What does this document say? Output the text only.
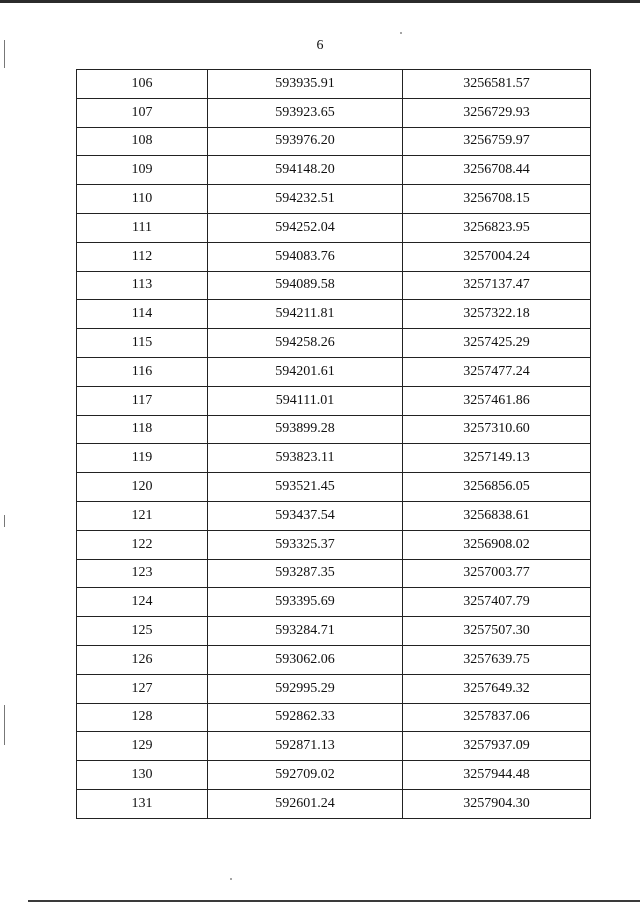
6
106	593935.91	3256581.57
107	593923.65	3256729.93
108	593976.20	3256759.97
109	594148.20	3256708.44
110	594232.51	3256708.15
111	594252.04	3256823.95
112	594083.76	3257004.24
113	594089.58	3257137.47
114	594211.81	3257322.18
115	594258.26	3257425.29
116	594201.61	3257477.24
117	594111.01	3257461.86
118	593899.28	3257310.60
119	593823.11	3257149.13
120	593521.45	3256856.05
121	593437.54	3256838.61
122	593325.37	3256908.02
123	593287.35	3257003.77
124	593395.69	3257407.79
125	593284.71	3257507.30
126	593062.06	3257639.75
127	592995.29	3257649.32
128	592862.33	3257837.06
129	592871.13	3257937.09
130	592709.02	3257944.48
131	592601.24	3257904.30
